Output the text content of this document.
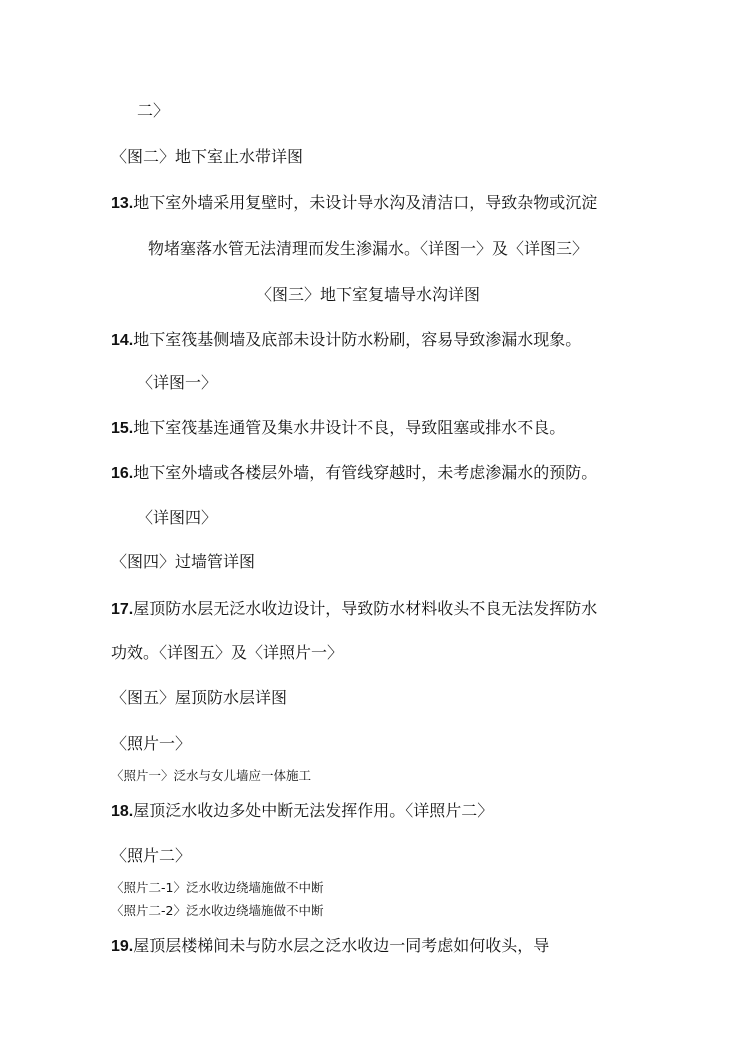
二〉
〈图二〉地下室止水带详图
13.地下室外墙采用复壁时，未设计导水沟及清洁口，导致杂物或沉淀
物堵塞落水管无法清理而发生渗漏水。〈详图一〉及〈详图三〉
〈图三〉地下室复墙导水沟详图
14.地下室筏基侧墙及底部未设计防水粉刷，容易导致渗漏水现象。
〈详图一〉
15.地下室筏基连通管及集水井设计不良，导致阻塞或排水不良。
16.地下室外墙或各楼层外墙，有管线穿越时，未考虑渗漏水的预防。
〈详图四〉
〈图四〉过墙管详图
17.屋顶防水层无泛水收边设计，导致防水材料收头不良无法发挥防水
功效。〈详图五〉及〈详照片一〉
〈图五〉屋顶防水层详图
〈照片一〉
〈照片一〉泛水与女儿墙应一体施工
18.屋顶泛水收边多处中断无法发挥作用。〈详照片二〉
〈照片二〉
〈照片二-1〉泛水收边绕墙施做不中断
〈照片二-2〉泛水收边绕墙施做不中断
19.屋顶层楼梯间未与防水层之泛水收边一同考虑如何收头，导
